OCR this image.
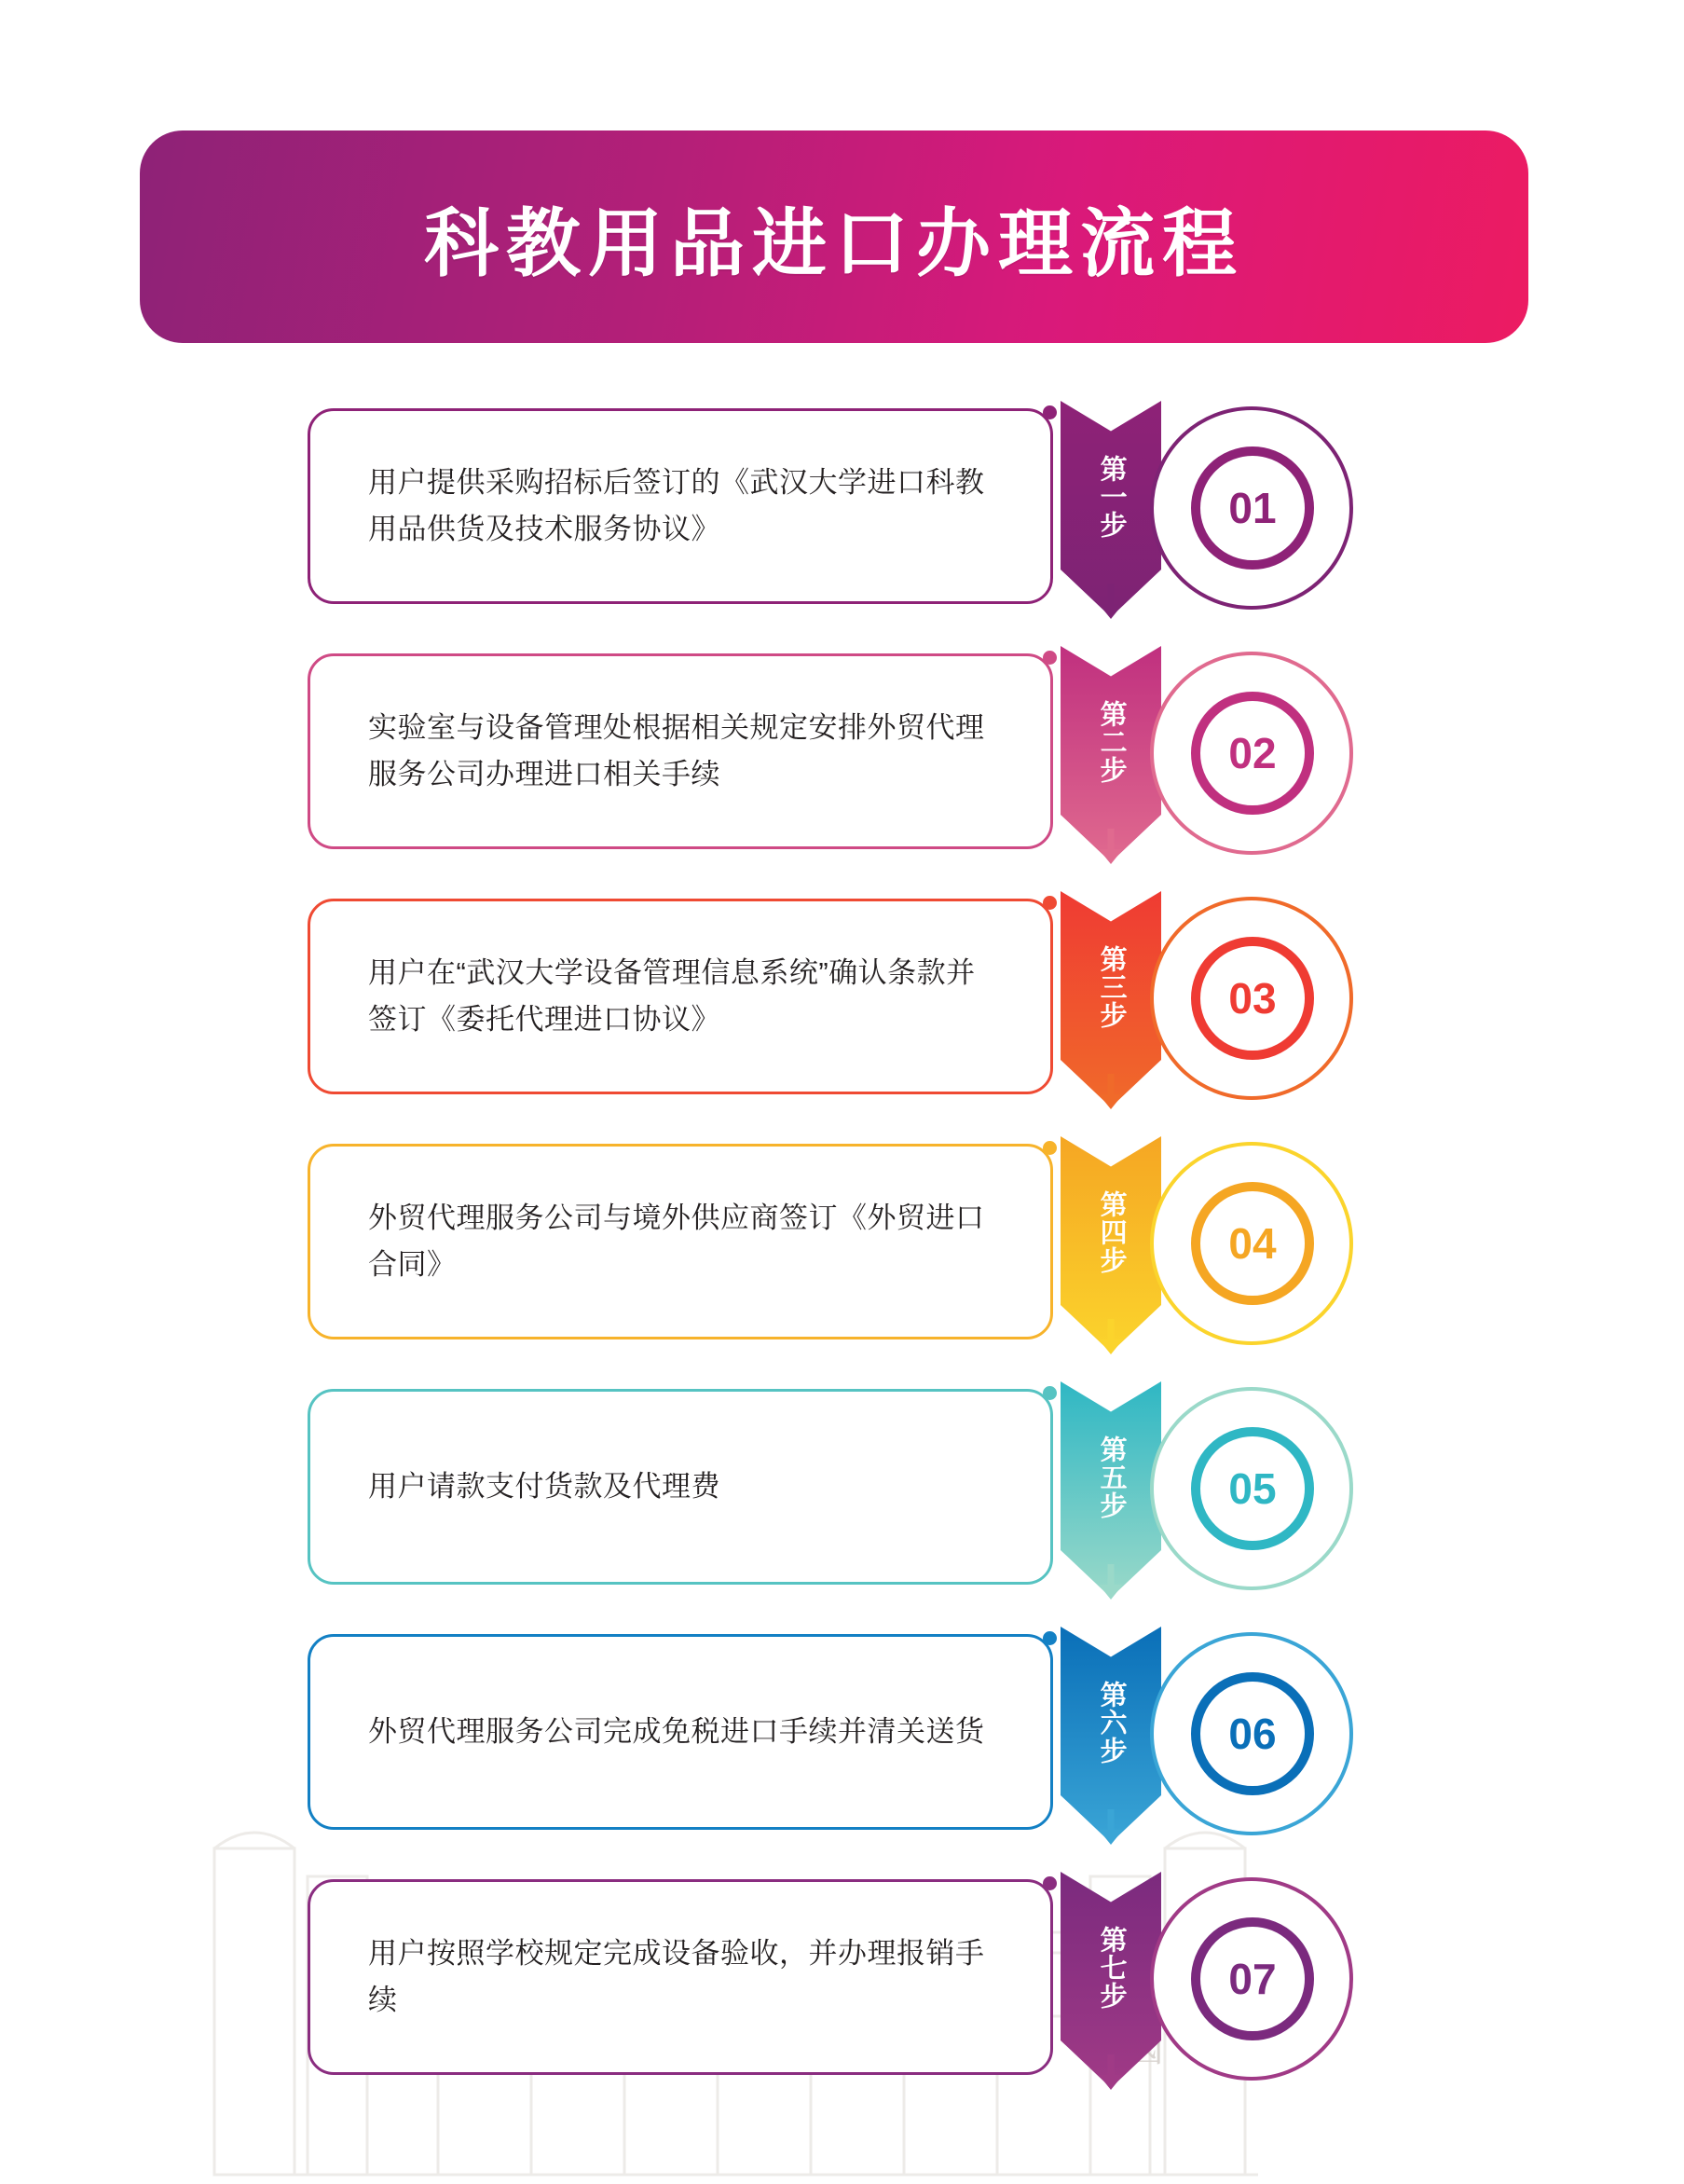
國
科教用品进口办理流程
用户提供采购招标后签订的《武汉大学进口科教用品供货及技术服务协议》	第一步	01
实验室与设备管理处根据相关规定安排外贸代理服务公司办理进口相关手续	第二步	02
用户在“武汉大学设备管理信息系统”确认条款并签订《委托代理进口协议》	第三步	03
外贸代理服务公司与境外供应商签订《外贸进口合同》	第四步	04
用户请款支付货款及代理费	第五步	05
外贸代理服务公司完成免税进口手续并清关送货	第六步	06
用户按照学校规定完成设备验收，并办理报销手续	第七步	07
